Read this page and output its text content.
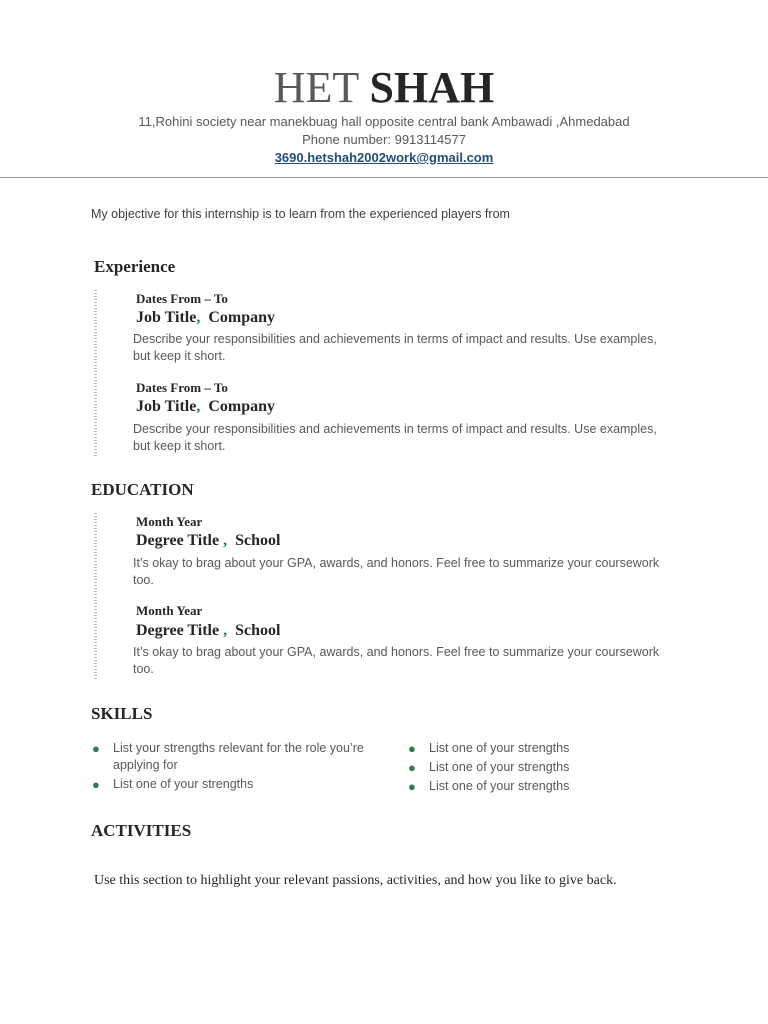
HET SHAH
11,Rohini society near manekbuag hall opposite central bank Ambawadi ,Ahmedabad
Phone number: 9913114577
3690.hetshah2002work@gmail.com
My objective for this internship is to learn from the experienced players from
Experience
Dates From – To
Job Title, Company
Describe your responsibilities and achievements in terms of impact and results. Use examples, but keep it short.
Dates From – To
Job Title, Company
Describe your responsibilities and achievements in terms of impact and results. Use examples, but keep it short.
EDUCATION
Month Year
Degree Title , School
It’s okay to brag about your GPA, awards, and honors. Feel free to summarize your coursework too.
Month Year
Degree Title , School
It’s okay to brag about your GPA, awards, and honors. Feel free to summarize your coursework too.
SKILLS
● List your strengths relevant for the role you’re applying for
● List one of your strengths
● List one of your strengths
● List one of your strengths
● List one of your strengths
ACTIVITIES
Use this section to highlight your relevant passions, activities, and how you like to give back.
